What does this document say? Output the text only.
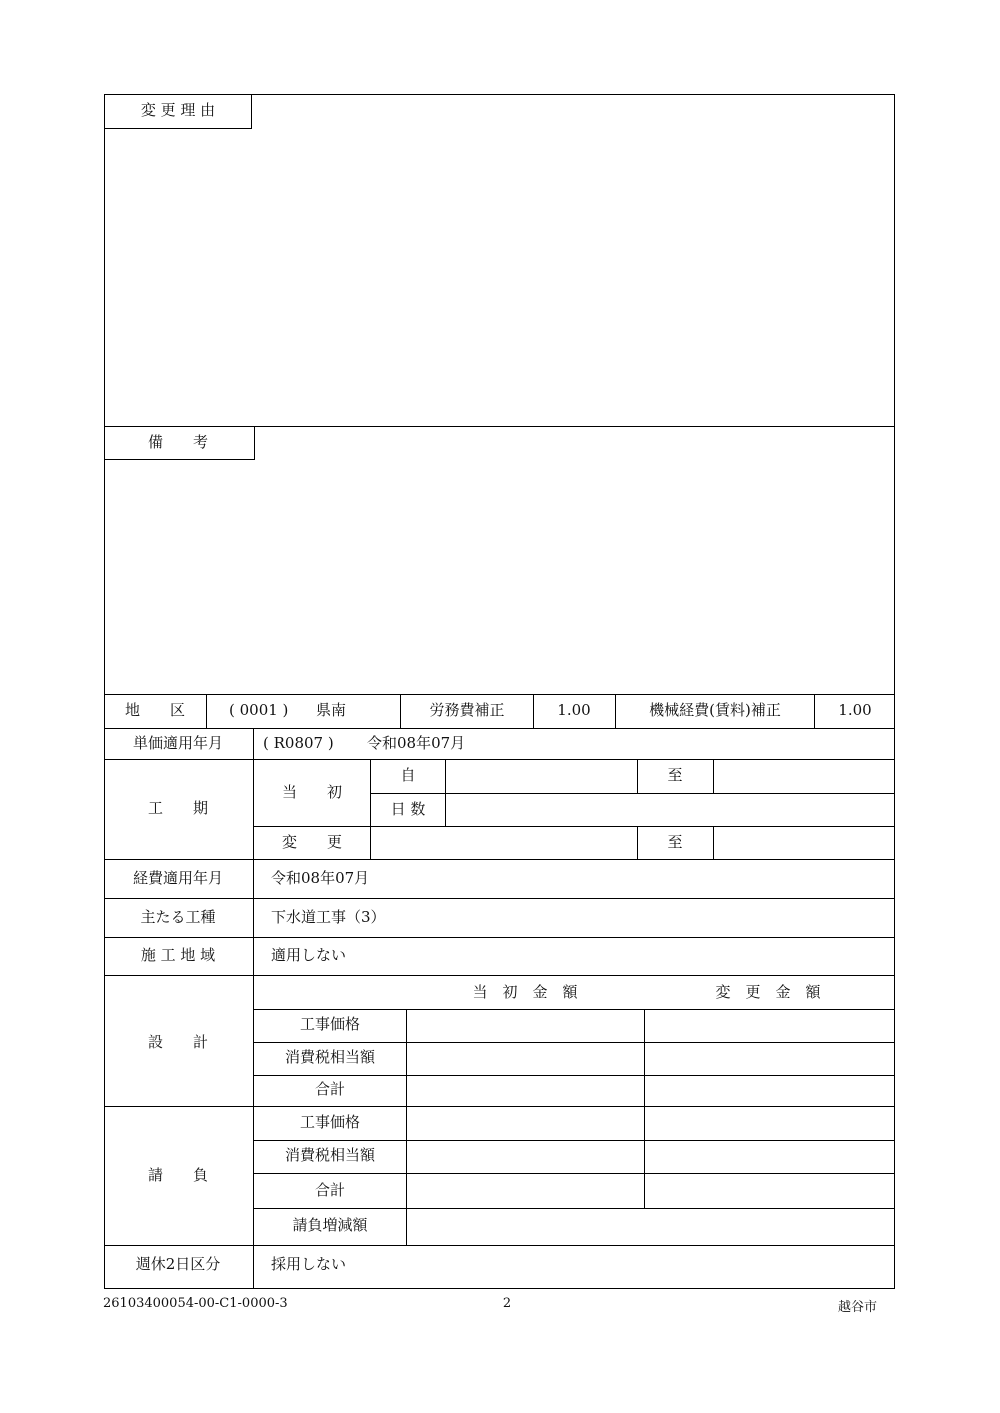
変 更 理 由
備　　考
地　　区	( 0001 ) 県南	労務費補正	1.00	機械経費(賃料)補正	1.00
単価適用年月	( R0807 ) 令和08年07月
工　　期
当　　初
自	至
日 数
変　　更	至
経費適用年月	令和08年07月
主たる工種	下水道工事（3）
施 工 地 域	適用しない
当　初　金　額	変　更　金　額
設　　計
工事価格
消費税相当額
合計
請　　負
工事価格
消費税相当額
合計
請負増減額
週休2日区分	採用しない
26103400054-00-C1-0000-3	2	越谷市
